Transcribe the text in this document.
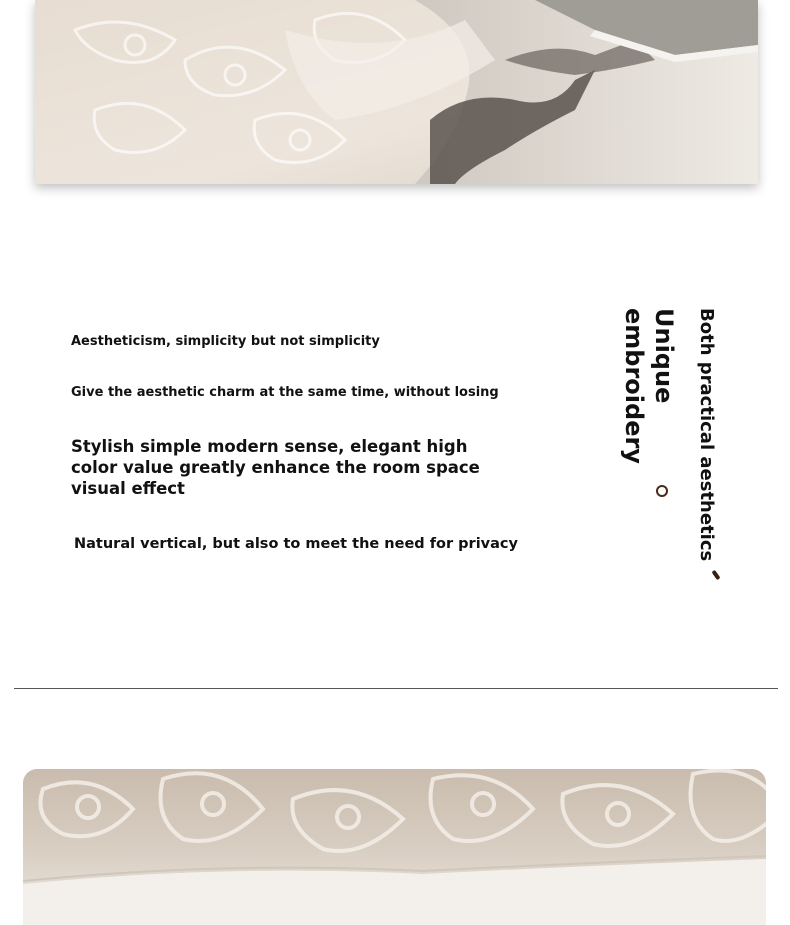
Aestheticism, simplicity but not simplicity
Give the aesthetic charm at the same time, without losing
Stylish simple modern sense, elegant high color value greatly enhance the room space visual effect
Natural vertical, but also to meet the need for privacy	Both practical aesthetics
Unique
embroidery
